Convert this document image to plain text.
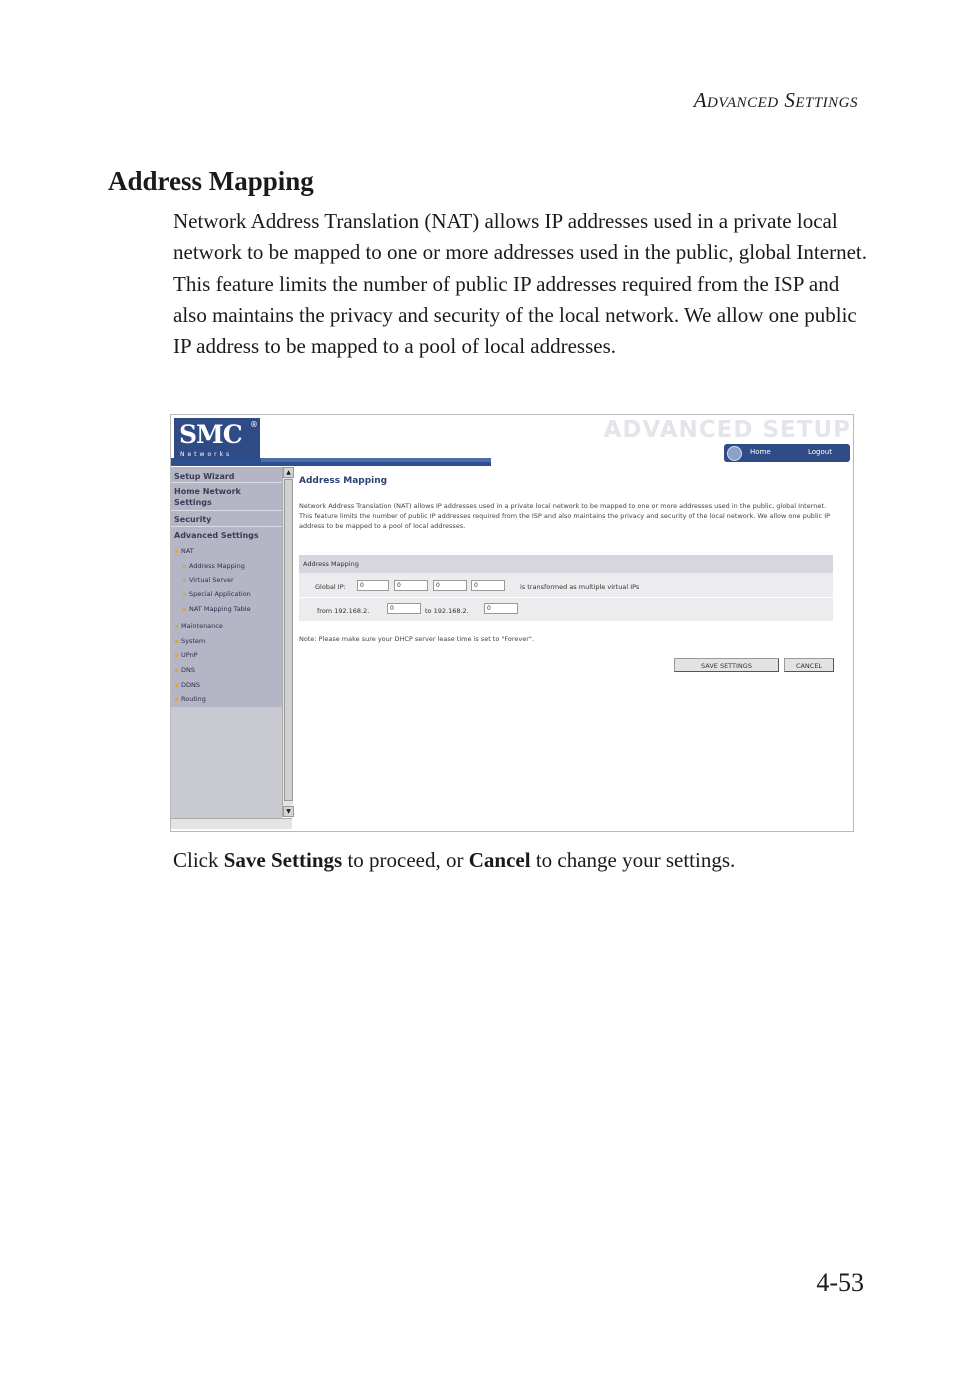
Advanced Settings
Address Mapping

Network Address Translation (NAT) allows IP addresses used in a private local network to be mapped to one or more addresses used in the public, global Internet. This feature limits the number of public IP addresses required from the ISP and also maintains the privacy and security of the local network. We allow one public IP address to be mapped to a pool of local addresses.

SMC ®
Networks
ADVANCED SETUP
Home	Logout
Setup Wizard
Home Network Settings
Security
Advanced Settings
NAT
Address Mapping
Virtual Server
Special Application
NAT Mapping Table
Maintenance
System
UPnP
DNS
DDNS
Routing
▲
▼
Address Mapping
Network Address Translation (NAT) allows IP addresses used in a private local network to be mapped to one or more addresses used in the public, global Internet. This feature limits the number of public IP addresses required from the ISP and also maintains the privacy and security of the local network. We allow one public IP address to be mapped to a pool of local addresses.
Address Mapping
Global IP:	0	0	0	0	is transformed as multiple virtual IPs
from 192.168.2.	0	to 192.168.2.	0
Note: Please make sure your DHCP server lease time is set to "Forever".
SAVE SETTINGS	CANCEL

Click Save Settings to proceed, or Cancel to change your settings.

4-53
